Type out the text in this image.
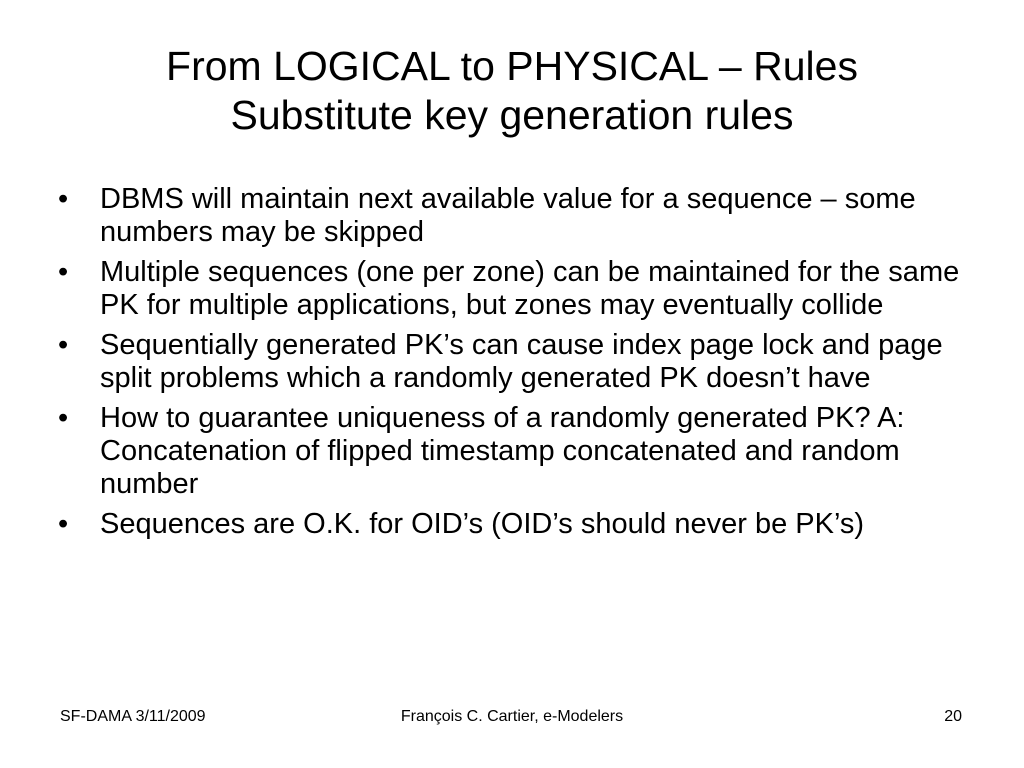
From LOGICAL to PHYSICAL – Rules
Substitute key generation rules
•	DBMS will maintain next available value for a sequence – some numbers may be skipped
•	Multiple sequences (one per zone) can be maintained for the same PK for multiple applications, but zones may eventually collide
•	Sequentially generated PK’s can cause index page lock and page split problems which a randomly generated PK doesn’t have
•	How to guarantee uniqueness of a randomly generated PK? A: Concatenation of flipped timestamp concatenated and random number
•	Sequences are O.K. for OID’s (OID’s should never be PK’s)
SF-DAMA 3/11/2009	François C. Cartier, e-Modelers	20
